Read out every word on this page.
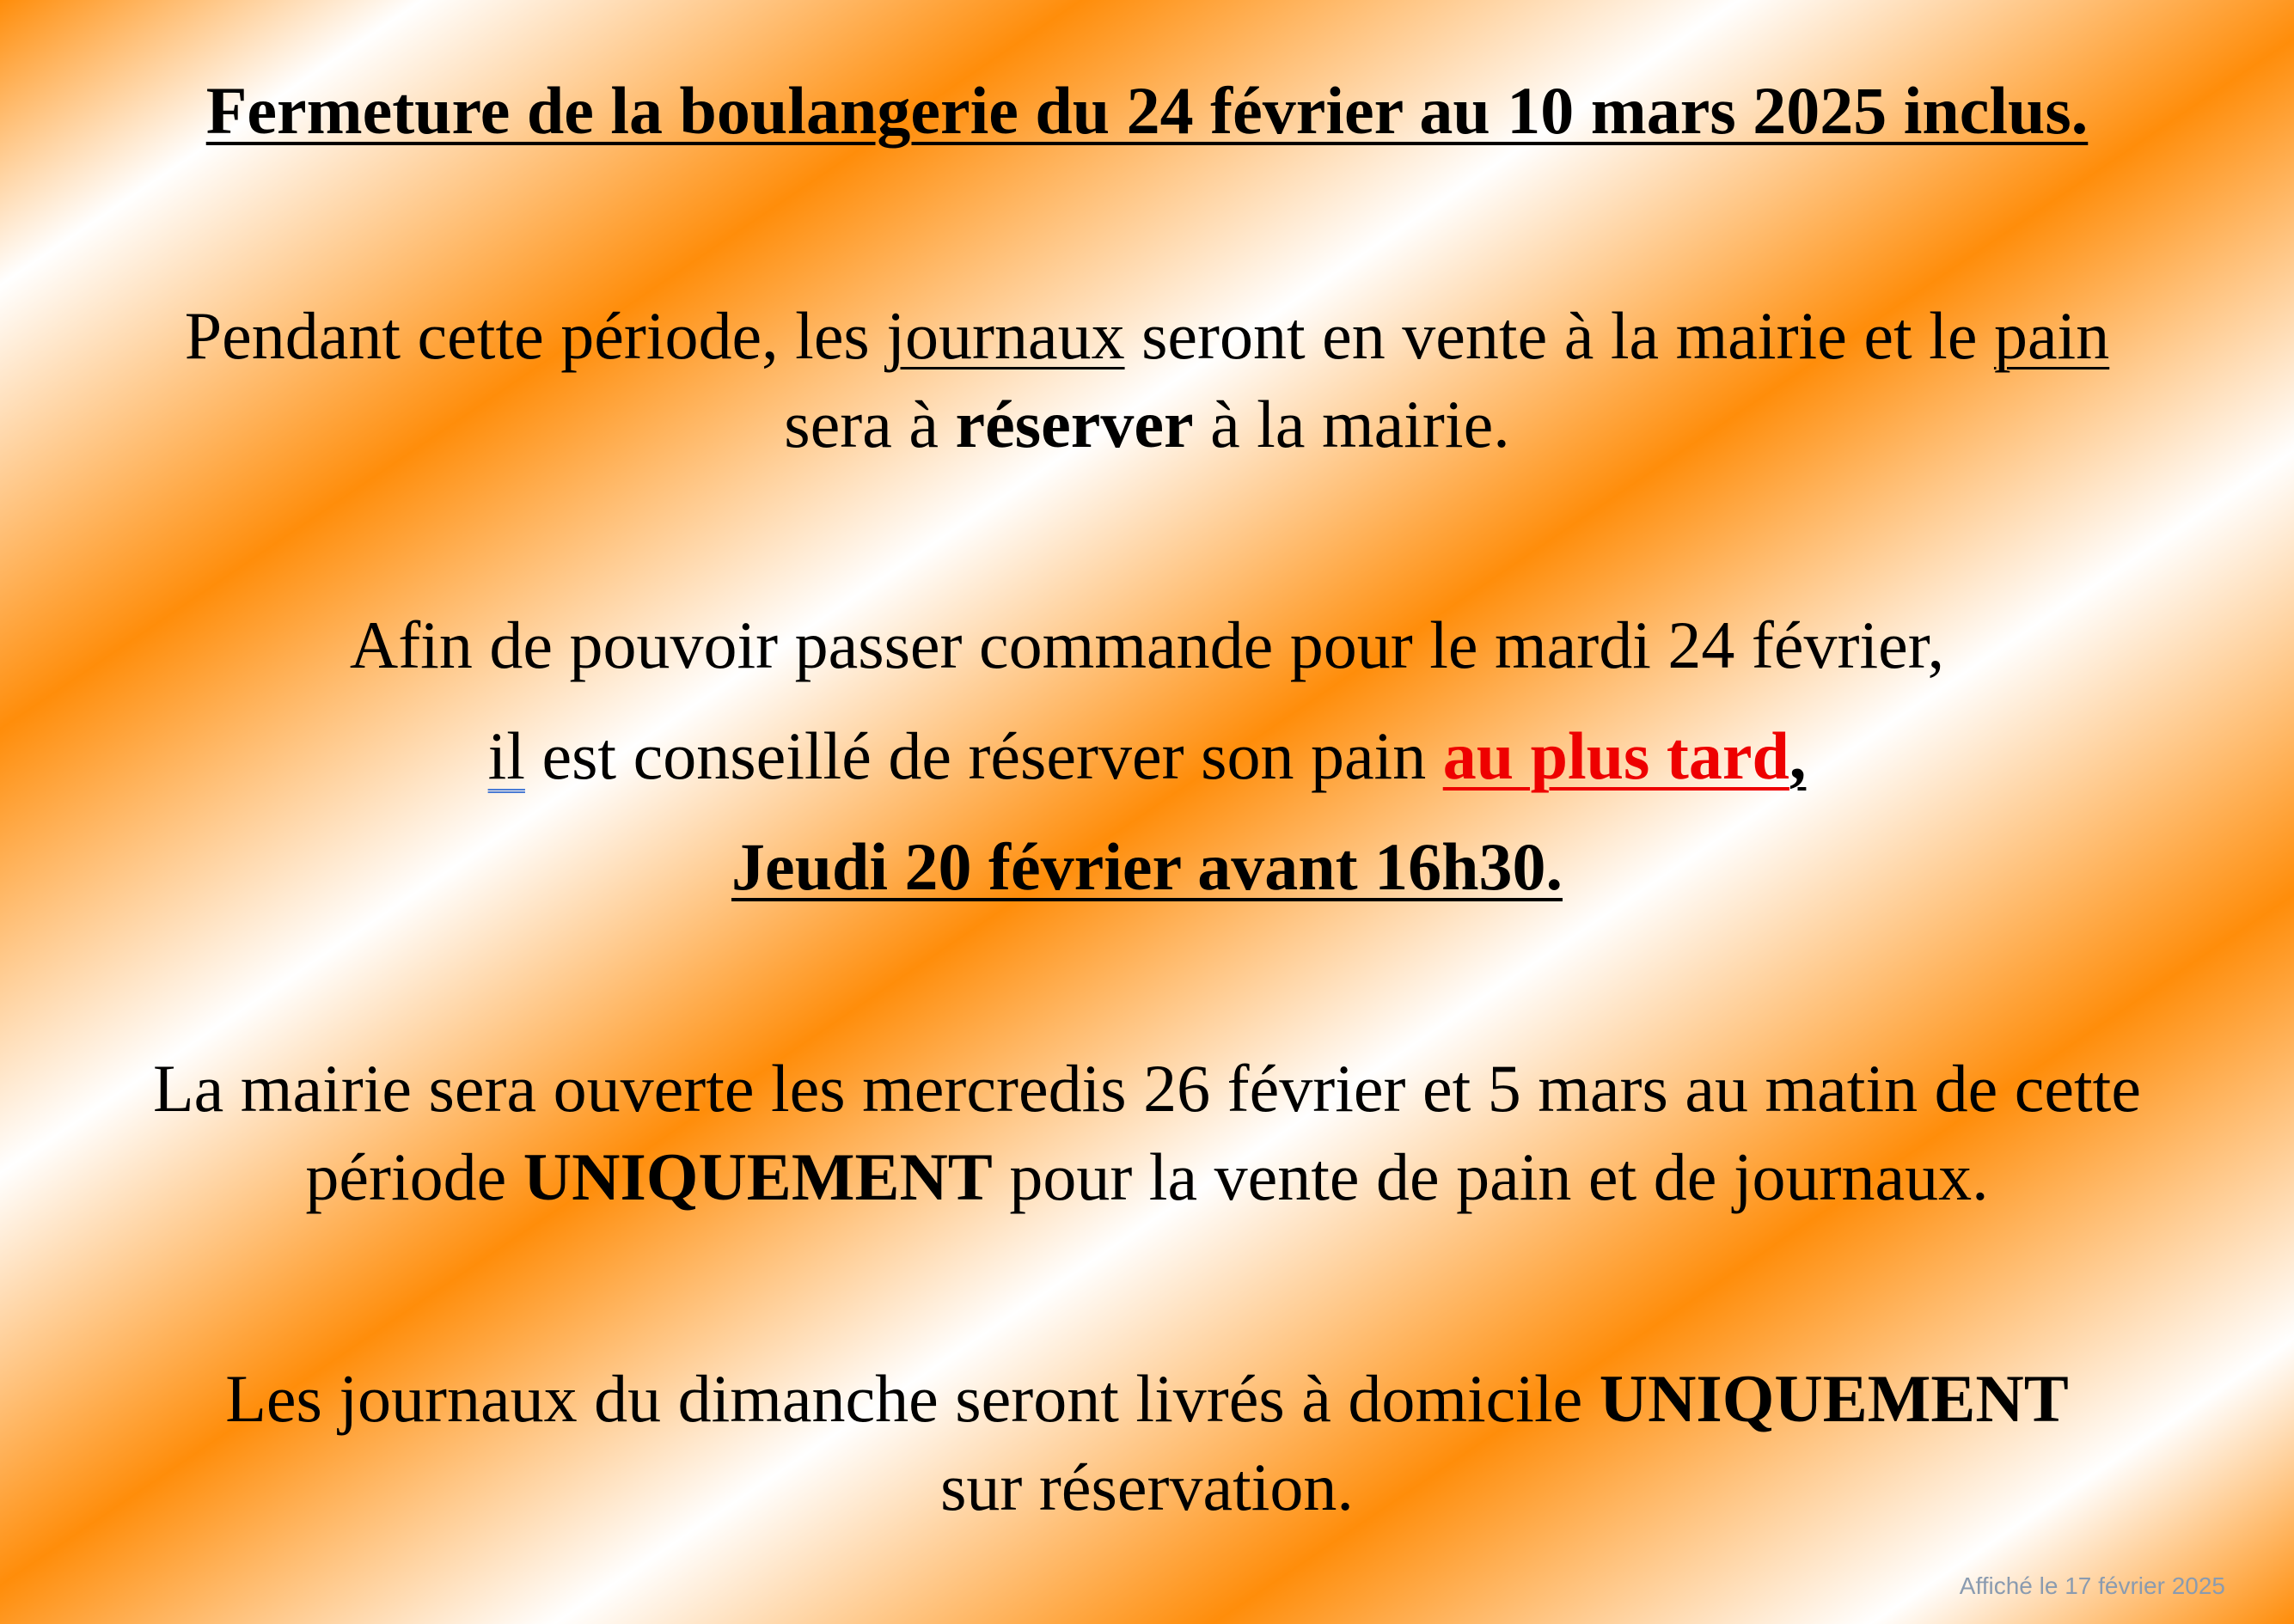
Fermeture de la boulangerie du 24 février au 10 mars 2025 inclus.
Pendant cette période, les journaux seront en vente à la mairie et le pain
sera à réserver à la mairie.
Afin de pouvoir passer commande pour le mardi 24 février,
il est conseillé de réserver son pain au plus tard,
Jeudi 20 février avant 16h30.
La mairie sera ouverte les mercredis 26 février et 5 mars au matin de cette
période UNIQUEMENT pour la vente de pain et de journaux.
Les journaux du dimanche seront livrés à domicile UNIQUEMENT
sur réservation.
Affiché le 17 février 2025
